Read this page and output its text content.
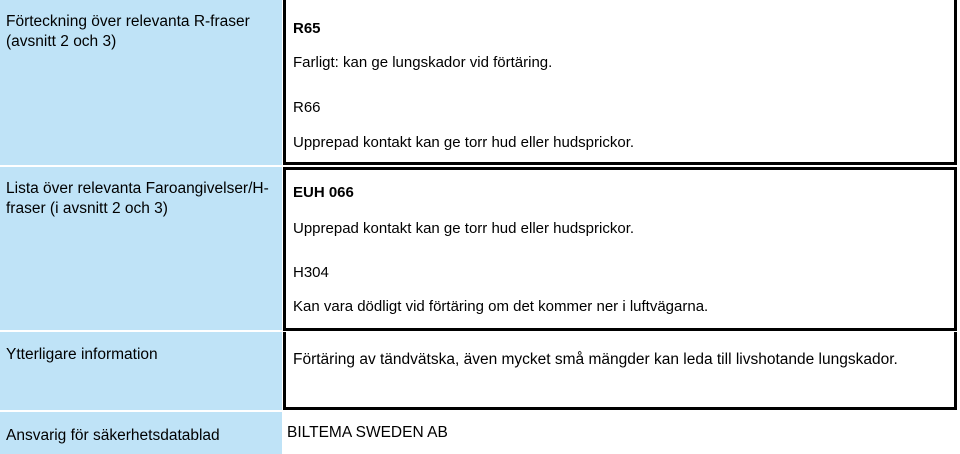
Förteckning över relevanta R-fraser (avsnitt 2 och 3)
R65
Farligt: kan ge lungskador vid förtäring.
R66
Upprepad kontakt kan ge torr hud eller hudsprickor.
Lista över relevanta Faroangivelser/H-fraser (i avsnitt 2 och 3)
EUH 066
Upprepad kontakt kan ge torr hud eller hudsprickor.
H304
Kan vara dödligt vid förtäring om det kommer ner i luftvägarna.
Ytterligare information	Förtäring av tändvätska, även mycket små mängder kan leda till livshotande lungskador.
Ansvarig för säkerhetsdatablad	BILTEMA SWEDEN AB
